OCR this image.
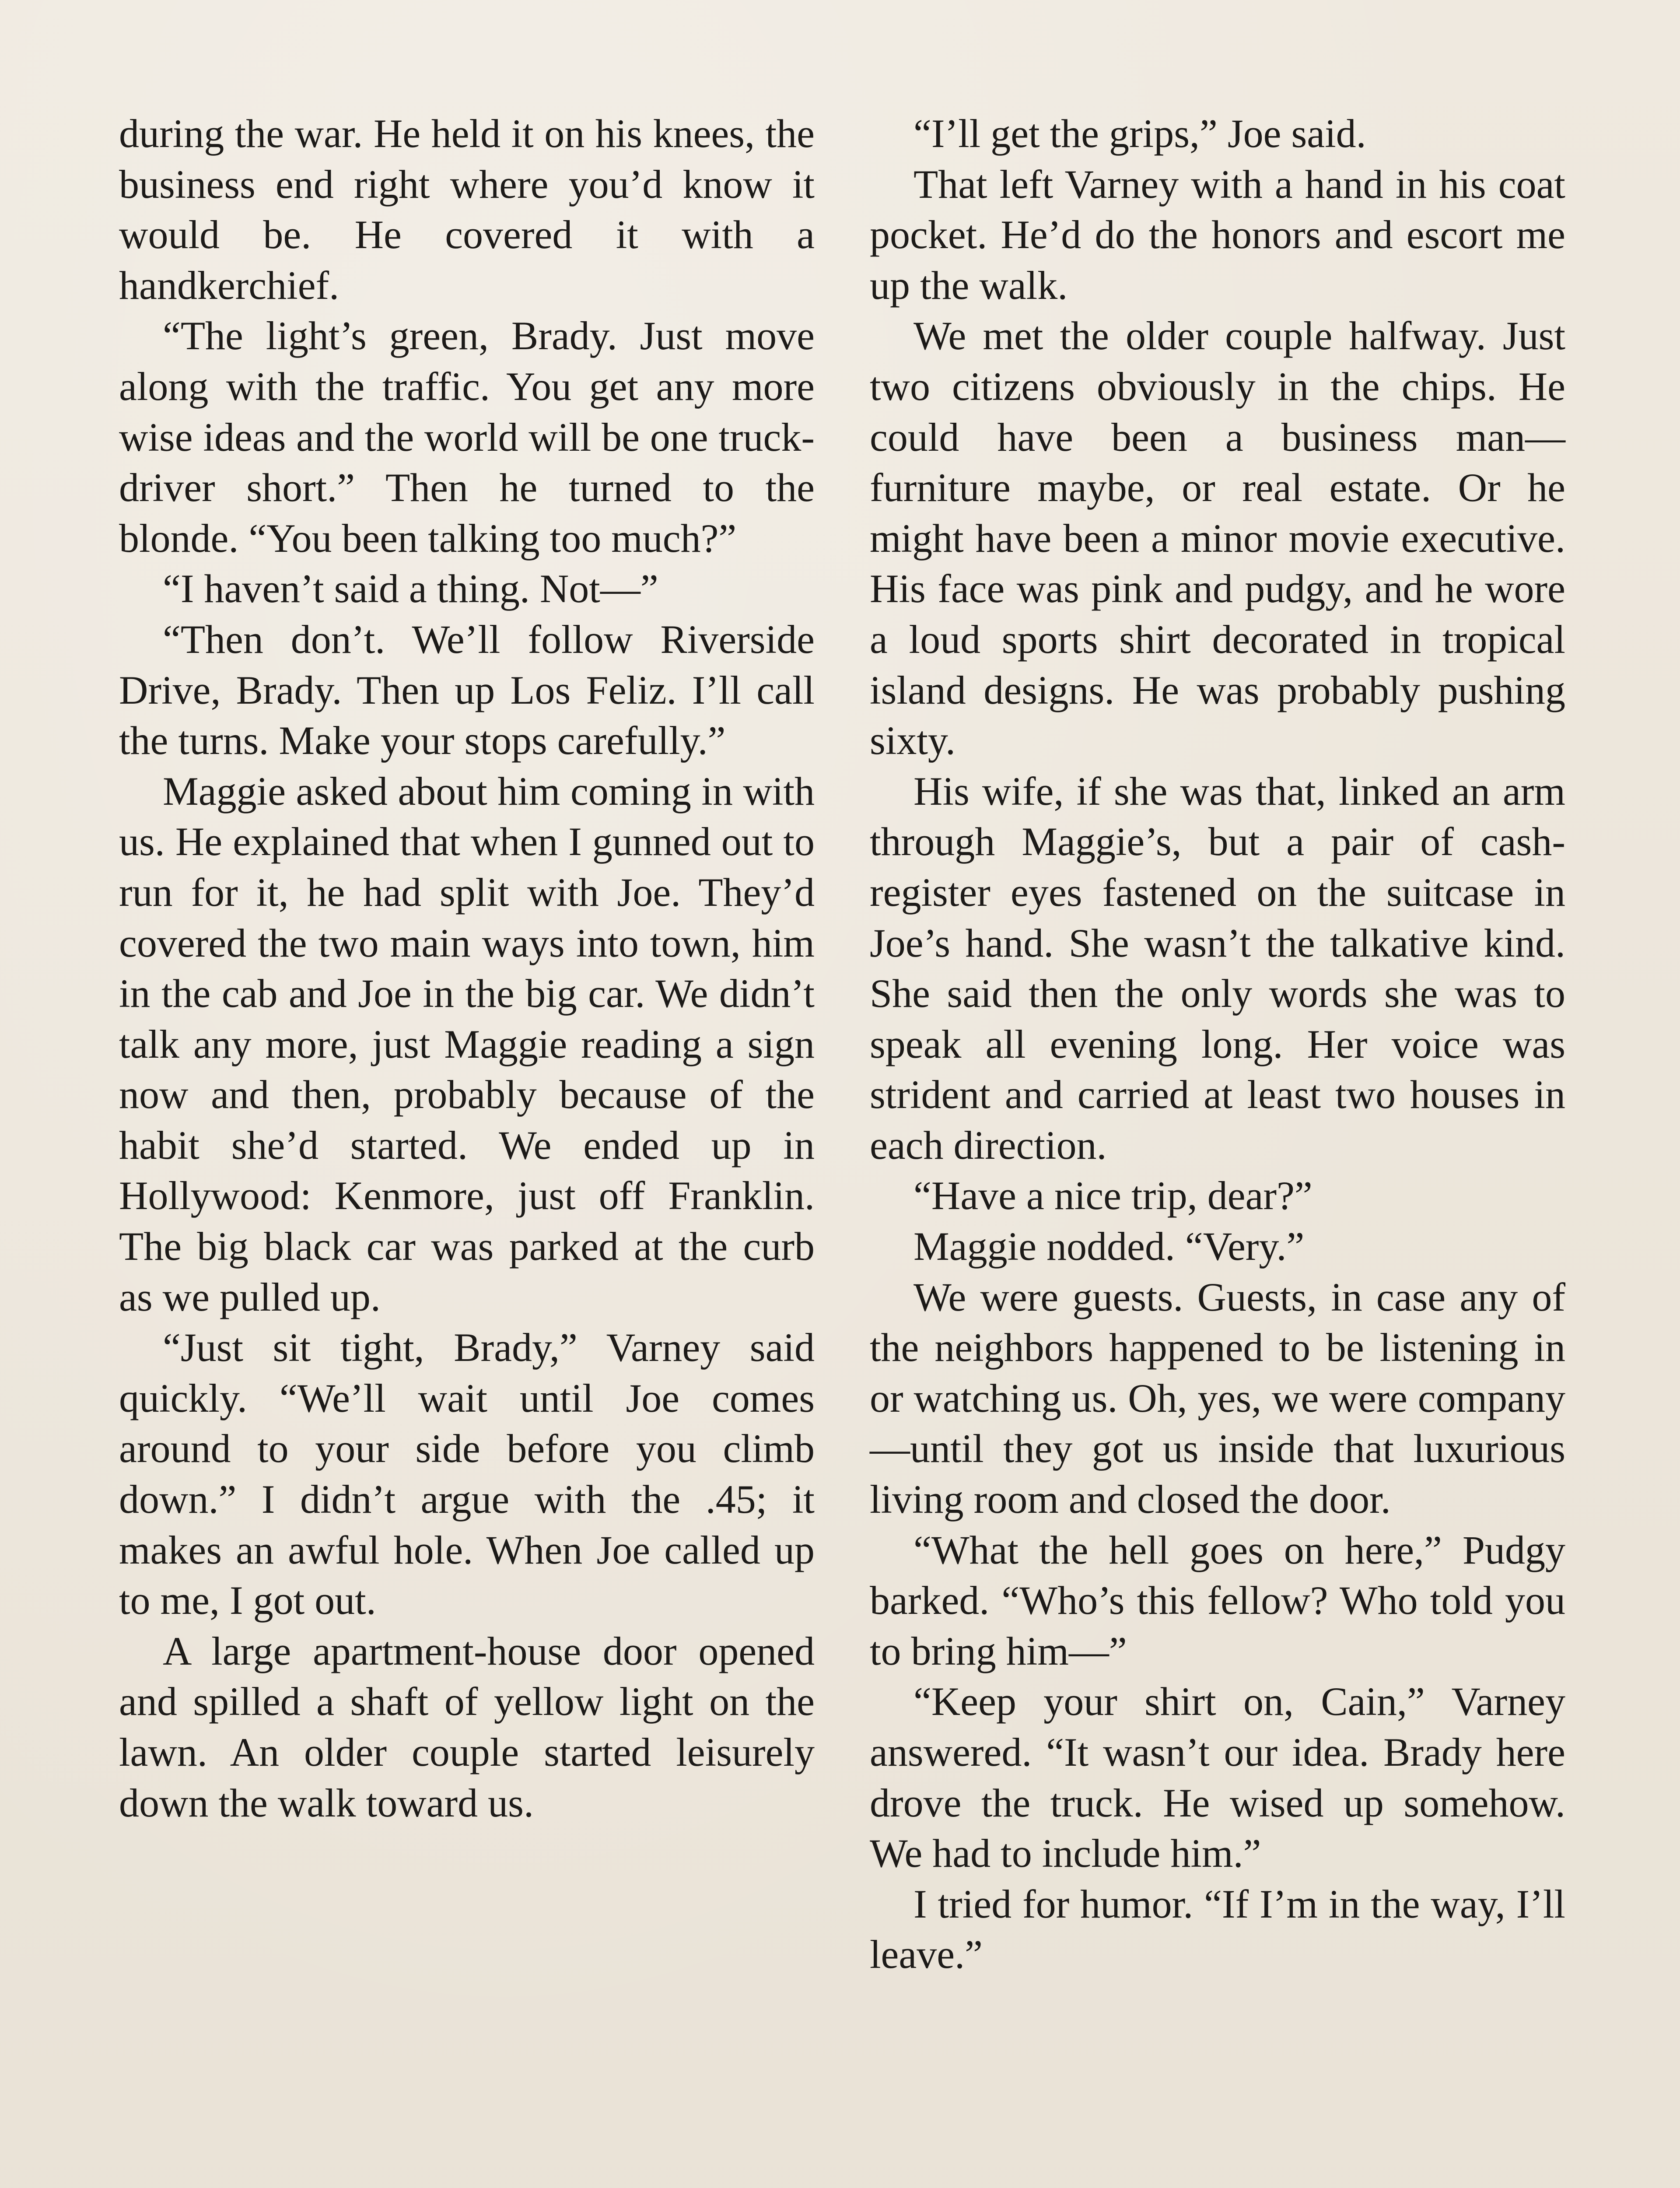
during the war. He held it on his knees, the business end right where you’d know it would be. He covered it with a handkerchief.

“The light’s green, Brady. Just move along with the traffic. You get any more wise ideas and the world will be one truck-driver short.” Then he turned to the blonde. “You been talking too much?”

“I haven’t said a thing. Not—”

“Then don’t. We’ll follow Riverside Drive, Brady. Then up Los Feliz. I’ll call the turns. Make your stops carefully.”

Maggie asked about him coming in with us. He explained that when I gunned out to run for it, he had split with Joe. They’d covered the two main ways into town, him in the cab and Joe in the big car. We didn’t talk any more, just Maggie reading a sign now and then, probably because of the habit she’d started. We ended up in Hollywood: Kenmore, just off Franklin. The big black car was parked at the curb as we pulled up.

“Just sit tight, Brady,” Varney said quickly. “We’ll wait until Joe comes around to your side before you climb down.” I didn’t argue with the .45; it makes an awful hole. When Joe called up to me, I got out.

A large apartment-house door opened and spilled a shaft of yellow light on the lawn. An older couple started leisurely down the walk toward us.

“I’ll get the grips,” Joe said.

That left Varney with a hand in his coat pocket. He’d do the honors and escort me up the walk.

We met the older couple halfway. Just two citizens obviously in the chips. He could have been a business man—furniture maybe, or real estate. Or he might have been a minor movie executive. His face was pink and pudgy, and he wore a loud sports shirt decorated in tropical island designs. He was probably pushing sixty.

His wife, if she was that, linked an arm through Maggie’s, but a pair of cash-register eyes fastened on the suitcase in Joe’s hand. She wasn’t the talkative kind. She said then the only words she was to speak all evening long. Her voice was strident and carried at least two houses in each direction.

“Have a nice trip, dear?”

Maggie nodded. “Very.”

We were guests. Guests, in case any of the neighbors happened to be listening in or watching us. Oh, yes, we were company—until they got us inside that luxurious living room and closed the door.

“What the hell goes on here,” Pudgy barked. “Who’s this fellow? Who told you to bring him—”

“Keep your shirt on, Cain,” Varney answered. “It wasn’t our idea. Brady here drove the truck. He wised up somehow. We had to include him.”

I tried for humor. “If I’m in the way, I’ll leave.”
